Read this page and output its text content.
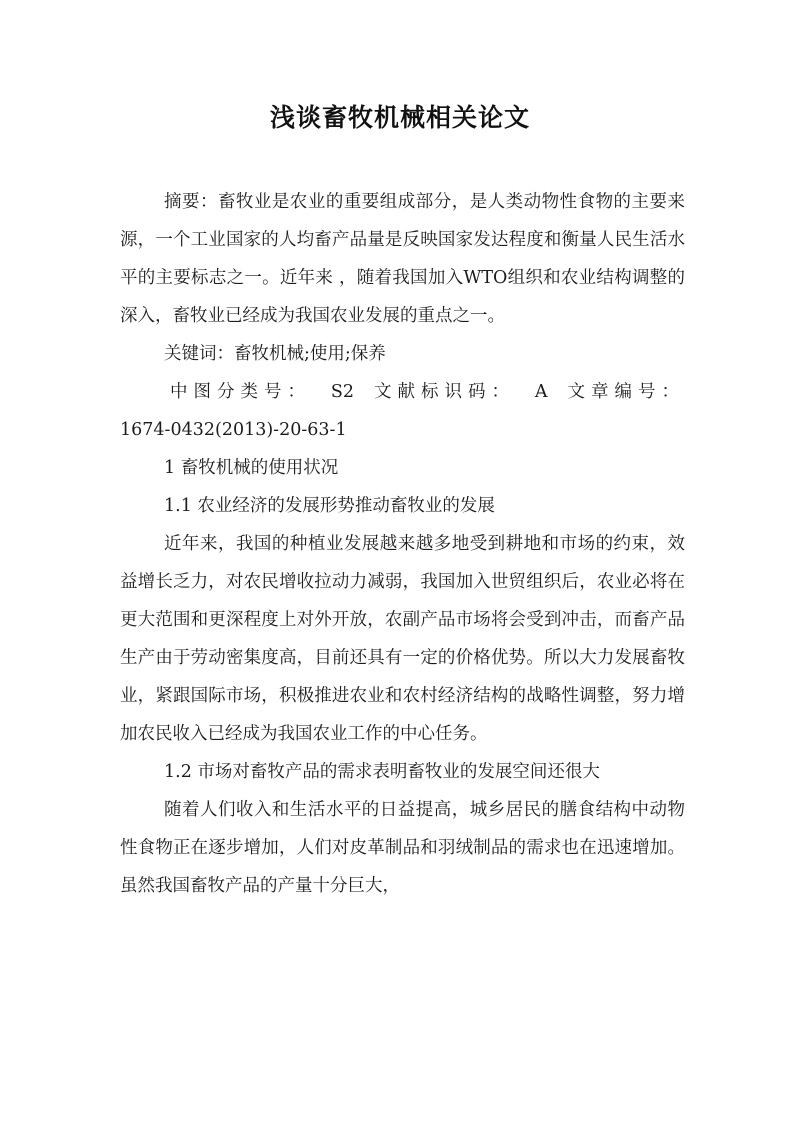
浅谈畜牧机械相关论文

摘要：畜牧业是农业的重要组成部分，是人类动物性食物的主要来源，一个工业国家的人均畜产品量是反映国家发达程度和衡量人民生活水平的主要标志之一。近年来 ，随着我国加入WTO组织和农业结构调整的深入，畜牧业已经成为我国农业发展的重点之一。

关键词：畜牧机械;使用;保养

中图分类号： S2 文献标识码： A 文章编号：
1674-0432(2013)-20-63-1

1 畜牧机械的使用状况

1.1 农业经济的发展形势推动畜牧业的发展

近年来，我国的种植业发展越来越多地受到耕地和市场的约束，效益增长乏力，对农民增收拉动力减弱，我国加入世贸组织后，农业必将在更大范围和更深程度上对外开放，农副产品市场将会受到冲击，而畜产品生产由于劳动密集度高，目前还具有一定的价格优势。所以大力发展畜牧业，紧跟国际市场，积极推进农业和农村经济结构的战略性调整，努力增加农民收入已经成为我国农业工作的中心任务。

1.2 市场对畜牧产品的需求表明畜牧业的发展空间还很大

随着人们收入和生活水平的日益提高，城乡居民的膳食结构中动物性食物正在逐步增加，人们对皮革制品和羽绒制品的需求也在迅速增加。虽然我国畜牧产品的产量十分巨大，
